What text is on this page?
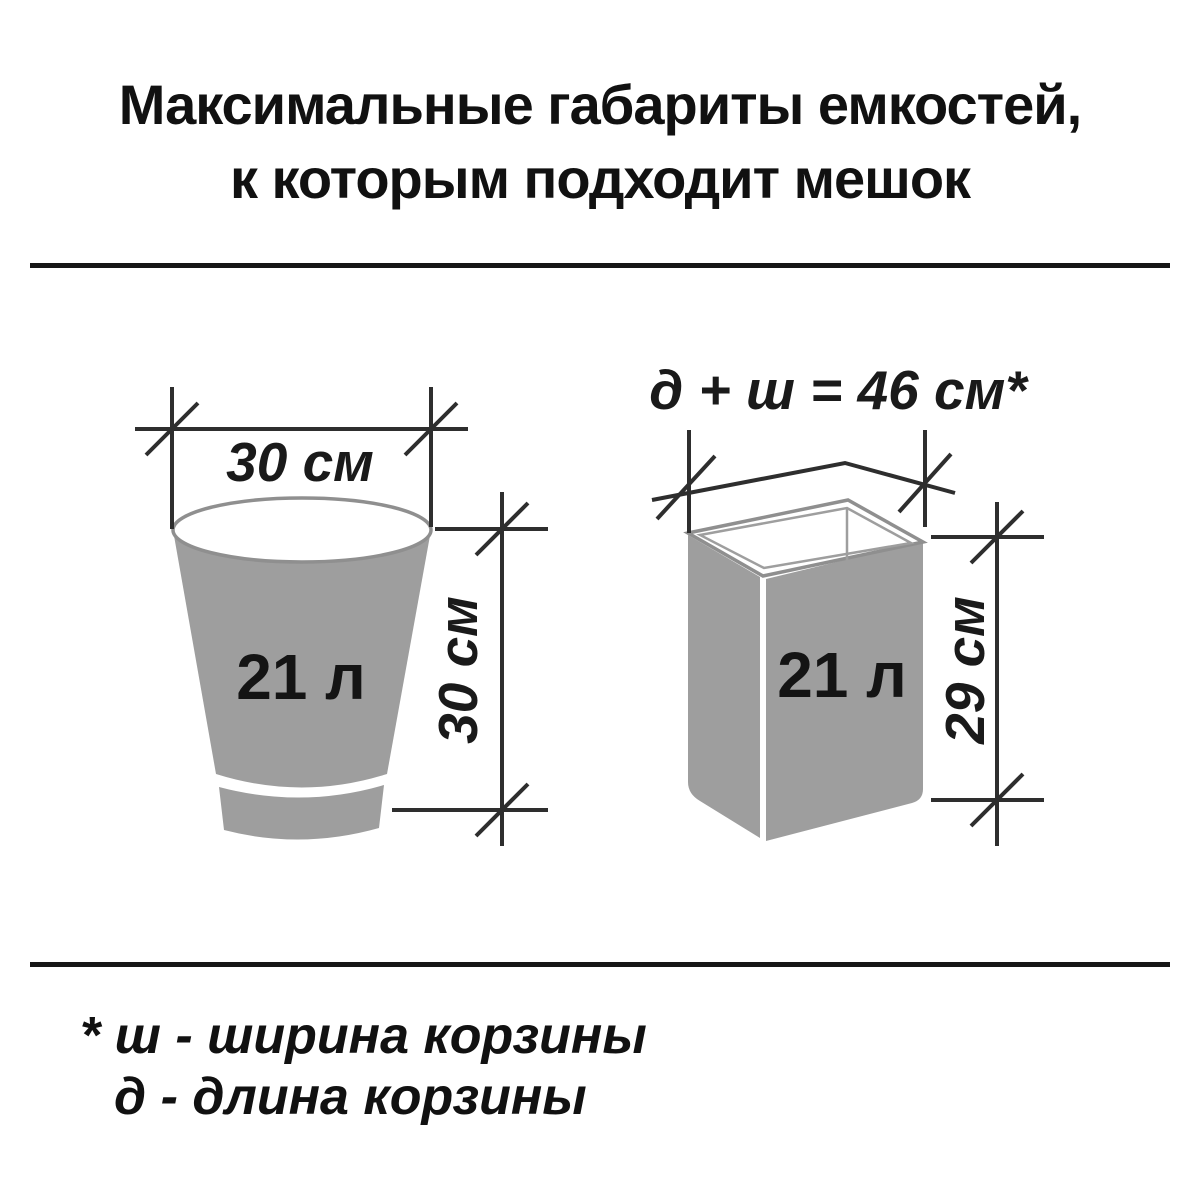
Максимальные габариты емкостей,
к которым подходит мешок
21 л
30 см
30 см	21 л
д + ш = 46 см*
29 см
* ш - ширина корзины
д - длина корзины
